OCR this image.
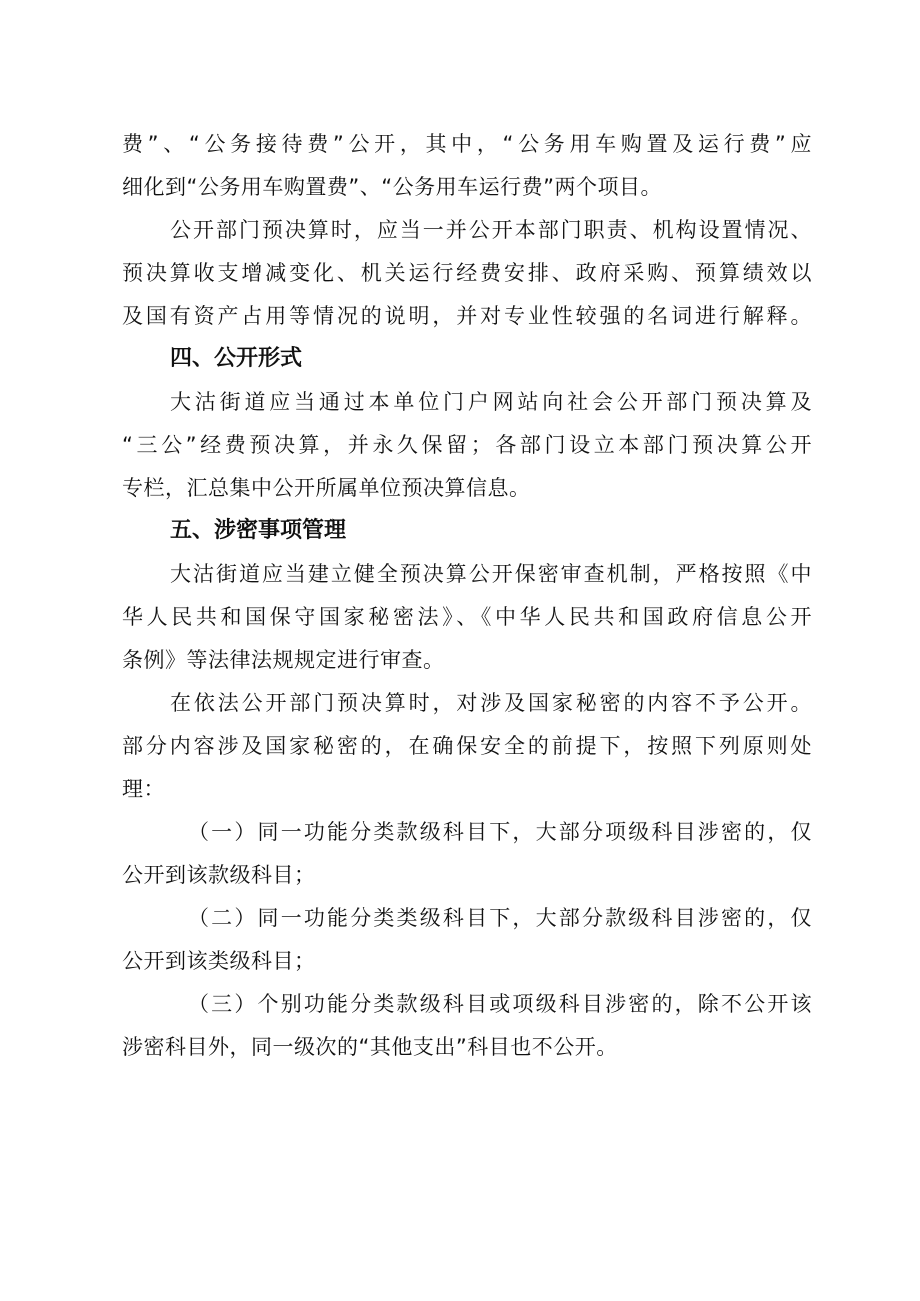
费”、“公务接待费”公开，其中，“公务用车购置及运行费”应
细化到“公务用车购置费”、“公务用车运行费”两个项目。
公开部门预决算时，应当一并公开本部门职责、机构设置情况、
预决算收支增减变化、机关运行经费安排、政府采购、预算绩效以
及国有资产占用等情况的说明，并对专业性较强的名词进行解释。
四、公开形式
大沽街道应当通过本单位门户网站向社会公开部门预决算及
“三公”经费预决算，并永久保留；各部门设立本部门预决算公开
专栏，汇总集中公开所属单位预决算信息。
五、涉密事项管理
大沽街道应当建立健全预决算公开保密审查机制，严格按照《中
华人民共和国保守国家秘密法》、《中华人民共和国政府信息公开
条例》等法律法规规定进行审查。
在依法公开部门预决算时，对涉及国家秘密的内容不予公开。
部分内容涉及国家秘密的，在确保安全的前提下，按照下列原则处
理：
（一）同一功能分类款级科目下，大部分项级科目涉密的，仅
公开到该款级科目；
（二）同一功能分类类级科目下，大部分款级科目涉密的，仅
公开到该类级科目；
（三）个别功能分类款级科目或项级科目涉密的，除不公开该
涉密科目外，同一级次的“其他支出”科目也不公开。
